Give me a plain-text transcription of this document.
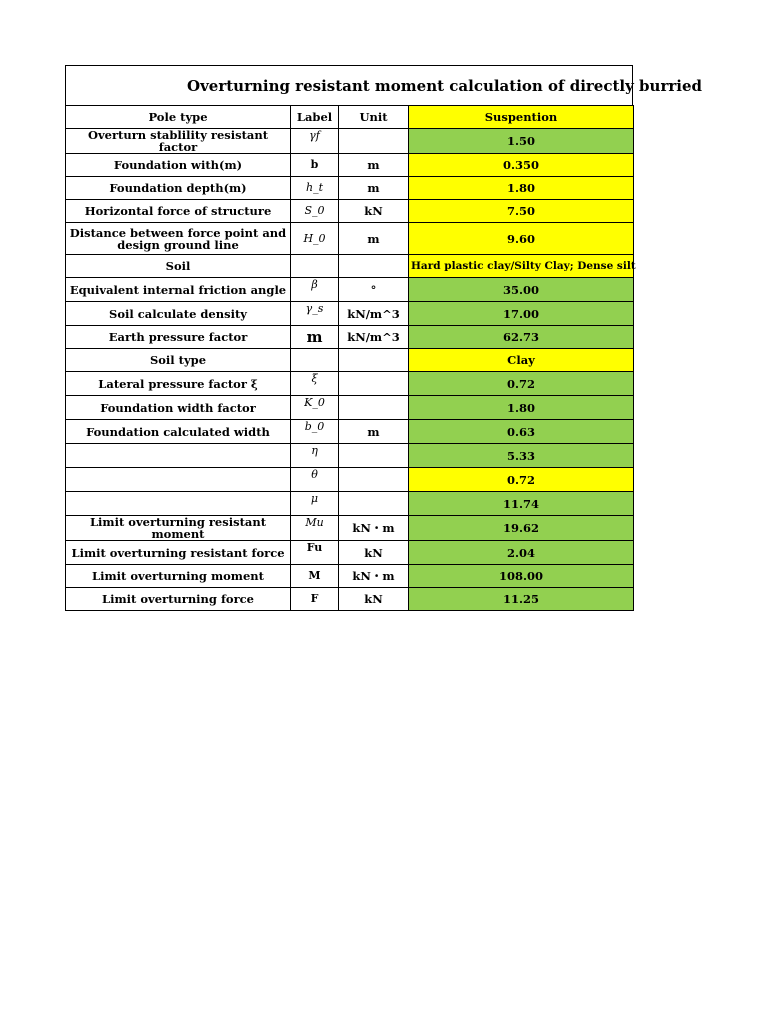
Overturning resistant moment calculation of directly burried
Pole type	Label	Unit	Suspention
Overturn stablility resistant factor	γf		1.50
Foundation with(m)	b	m	0.350
Foundation depth(m)	h_t	m	1.80
Horizontal force of structure	S_0	kN	7.50
Distance between force point and design ground line	H_0	m	9.60
Soil			Hard plastic clay/Silty Clay; Dense silt
Equivalent internal friction angle	β	°	35.00
Soil calculate density	γ_s	kN/m^3	17.00
Earth pressure factor	m	kN/m^3	62.73
Soil type			Clay
Lateral pressure factor ξ	ξ		0.72
Foundation width factor	K_0		1.80
Foundation calculated width	b_0	m	0.63
	η		5.33
	θ		0.72
	μ		11.74
Limit overturning resistant moment	Mu	kN・m	19.62
Limit overturning resistant force	Fu	kN	2.04
Limit overturning moment	M	kN・m	108.00
Limit overturning force	F	kN	11.25
